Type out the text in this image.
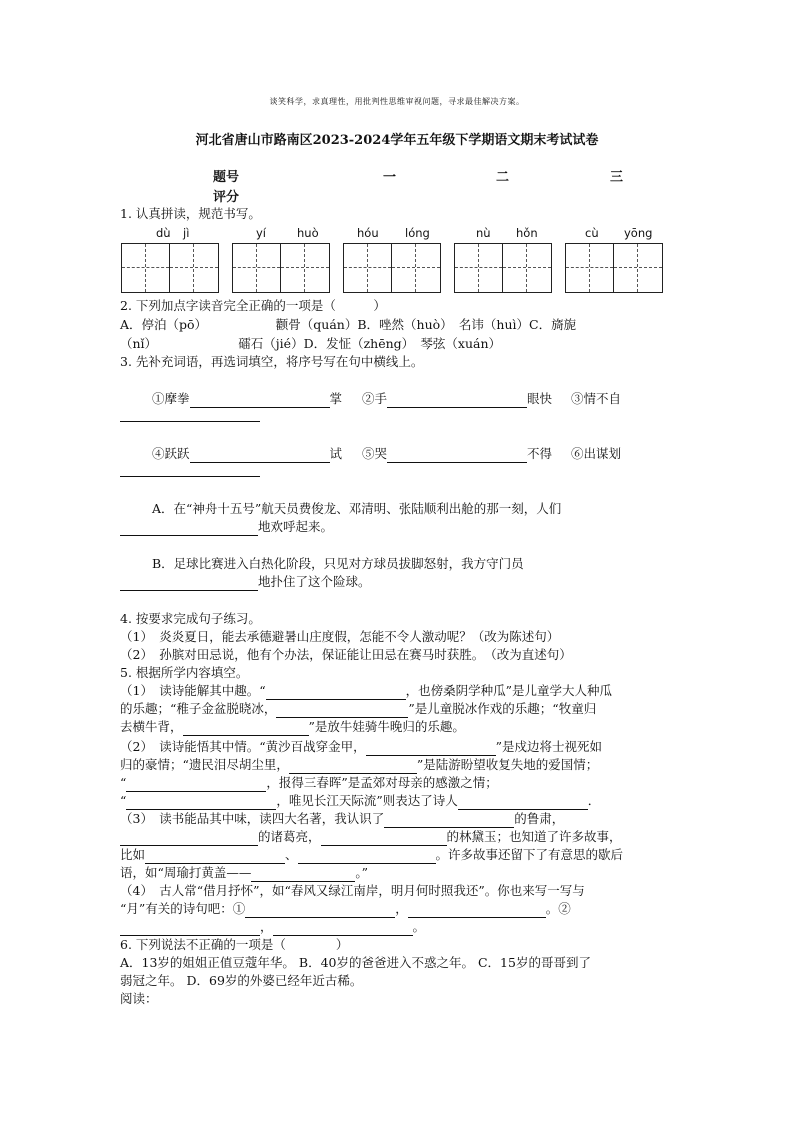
谈笑科学，求真理性，用批判性思维审视问题，寻求最佳解决方案。
河北省唐山市路南区2023-2024学年五年级下学期语文期末考试试卷
题号	一	二	三
评分
1. 认真拼读，规范书写。
dù jì	yí	huò	hóu lóng	nù hǒn	cù yōng
2. 下列加点字读音完全正确的一项是（　　　）
A．停泊（pō）　　　　　　颧骨（quán）B．唑然（huò）　名讳（huì）C．旖旎
（nǐ）　　　　　　　礌石（jié）D．发怔（zhēng）　琴弦（xuán）
3. 先补充词语，再选词填空，将序号写在句中横线上。
①摩拳	掌 ②手	眼快 ③情不自
④跃跃	试 ⑤哭	不得 ⑥出谋划
A．在“神舟十五号”航天员费俊龙、邓清明、张陆顺利出舱的那一刻，人们
地欢呼起来。
B．足球比赛进入白热化阶段，只见对方球员拔脚怒射，我方守门员
地扑住了这个险球。
4. 按要求完成句子练习。
（1）　炎炎夏日，能去承德避暑山庄度假，怎能不令人激动呢？（改为陈述句）
（2）　孙膑对田忌说，他有个办法，保证能让田忌在赛马时获胜。　（改为直述句）
5. 根据所学内容填空。
（1）　读诗能解其中趣。“	，也傍桑阴学种瓜”是儿童学大人种瓜
的乐趣；“稚子金盆脱晓冰，	”是儿童脱冰作戏的乐趣；“牧童归
去横牛背，	”是放牛娃骑牛晚归的乐趣。
（2）　读诗能悟其中情。“黄沙百战穿金甲，	”是戍边将士视死如
归的豪情；“遗民泪尽胡尘里，	”是陆游盼望收复失地的爱国情；
“	，报得三春晖”是孟郊对母亲的感激之情；
“	，唯见长江天际流”则表达了诗人	．
（3）　读书能品其中味，读四大名著，我认识了	的鲁肃，
的诸葛亮，	的林黛玉；也知道了许多故事，
比如	、	。许多故事还留下了有意思的歇后
语，如“周瑜打黄盖——	。”
（4）　古人常“借月抒怀”，如“春风又绿江南岸，明月何时照我还”。你也来写一写与
“月”有关的诗句吧：①	，	。②
，	。
6. 下列说法不正确的一项是（　　　　）
A．13岁的姐姐正值豆蔻年华。 B．40岁的爸爸进入不惑之年。 C．15岁的哥哥到了
弱冠之年。 D．69岁的外婆已经年近古稀。
阅读：
